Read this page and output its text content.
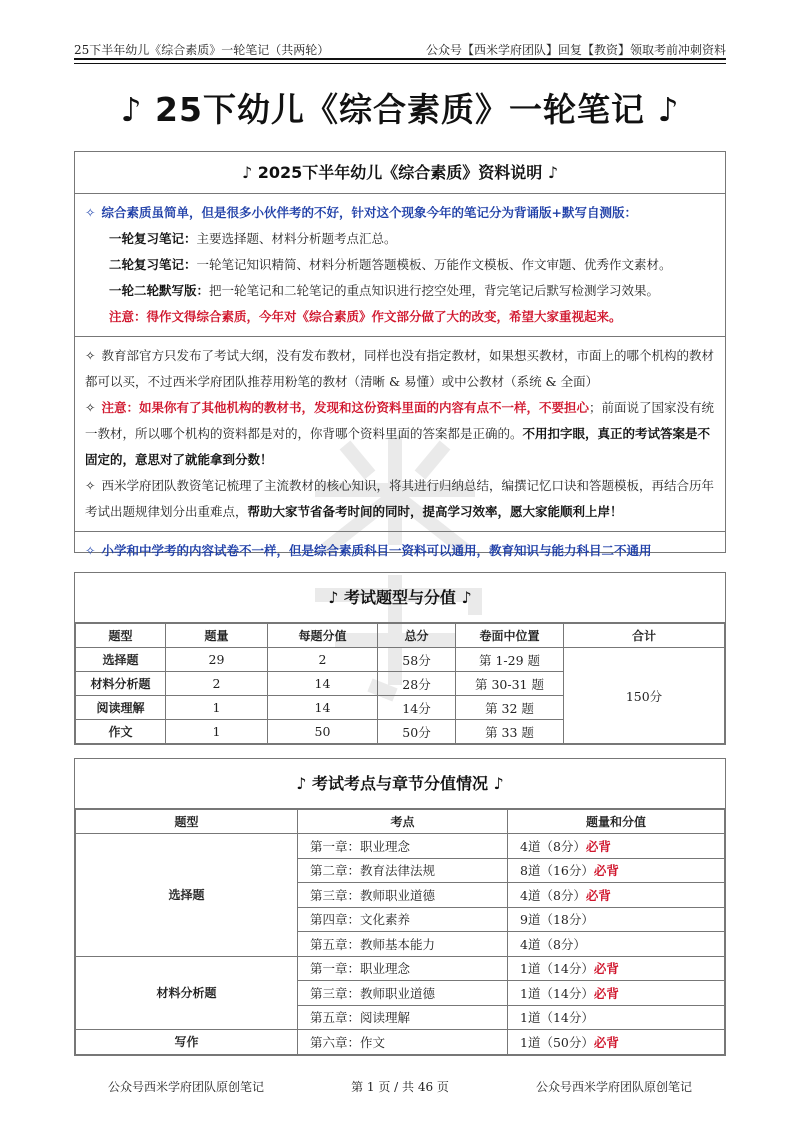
25下半年幼儿《综合素质》一轮笔记（共两轮）	公众号【西米学府团队】回复【教资】领取考前冲刺资料
♪ 25下幼儿《综合素质》一轮笔记 ♪
♪ 2025下半年幼儿《综合素质》资料说明 ♪
✧ 综合素质虽简单，但是很多小伙伴考的不好，针对这个现象今年的笔记分为背诵版+默写自测版：
一轮复习笔记：主要选择题、材料分析题考点汇总。
二轮复习笔记：一轮笔记知识精简、材料分析题答题模板、万能作文模板、作文审题、优秀作文素材。
一轮二轮默写版：把一轮笔记和二轮笔记的重点知识进行挖空处理，背完笔记后默写检测学习效果。
注意：得作文得综合素质，今年对《综合素质》作文部分做了大的改变，希望大家重视起来。
✧ 教育部官方只发布了考试大纲，没有发布教材，同样也没有指定教材，如果想买教材，市面上的哪个机构的教材都可以买，不过西米学府团队推荐用粉笔的教材（清晰 & 易懂）或中公教材（系统 & 全面）
✧ 注意：如果你有了其他机构的教材书，发现和这份资料里面的内容有点不一样，不要担心；前面说了国家没有统一教材，所以哪个机构的资料都是对的，你背哪个资料里面的答案都是正确的。不用扣字眼，真正的考试答案是不固定的，意思对了就能拿到分数！
✧ 西米学府团队教资笔记梳理了主流教材的核心知识，将其进行归纳总结，编撰记忆口诀和答题模板，再结合历年考试出题规律划分出重难点，帮助大家节省备考时间的同时，提高学习效率，愿大家能顺利上岸！
✧ 小学和中学考的内容试卷不一样，但是综合素质科目一资料可以通用，教育知识与能力科目二不通用
♪ 考试题型与分值 ♪
题型	题量	每题分值	总分	卷面中位置	合计
选择题	29	2	58分	第 1-29 题	150分
材料分析题	2	14	28分	第 30-31 题	
阅读理解	1	14	14分	第 32 题	
作文	1	50	50分	第 33 题	
♪ 考试考点与章节分值情况 ♪
题型	考点	题量和分值
选择题	第一章：职业理念	4道（8分）必背
	第二章：教育法律法规	8道（16分）必背
	第三章：教师职业道德	4道（8分）必背
	第四章：文化素养	9道（18分）
	第五章：教师基本能力	4道（8分）
材料分析题	第一章：职业理念	1道（14分）必背
	第三章：教师职业道德	1道（14分）必背
	第五章：阅读理解	1道（14分）
写作	第六章：作文	1道（50分）必背
公众号西米学府团队原创笔记	第 1 页 / 共 46 页	公众号西米学府团队原创笔记
